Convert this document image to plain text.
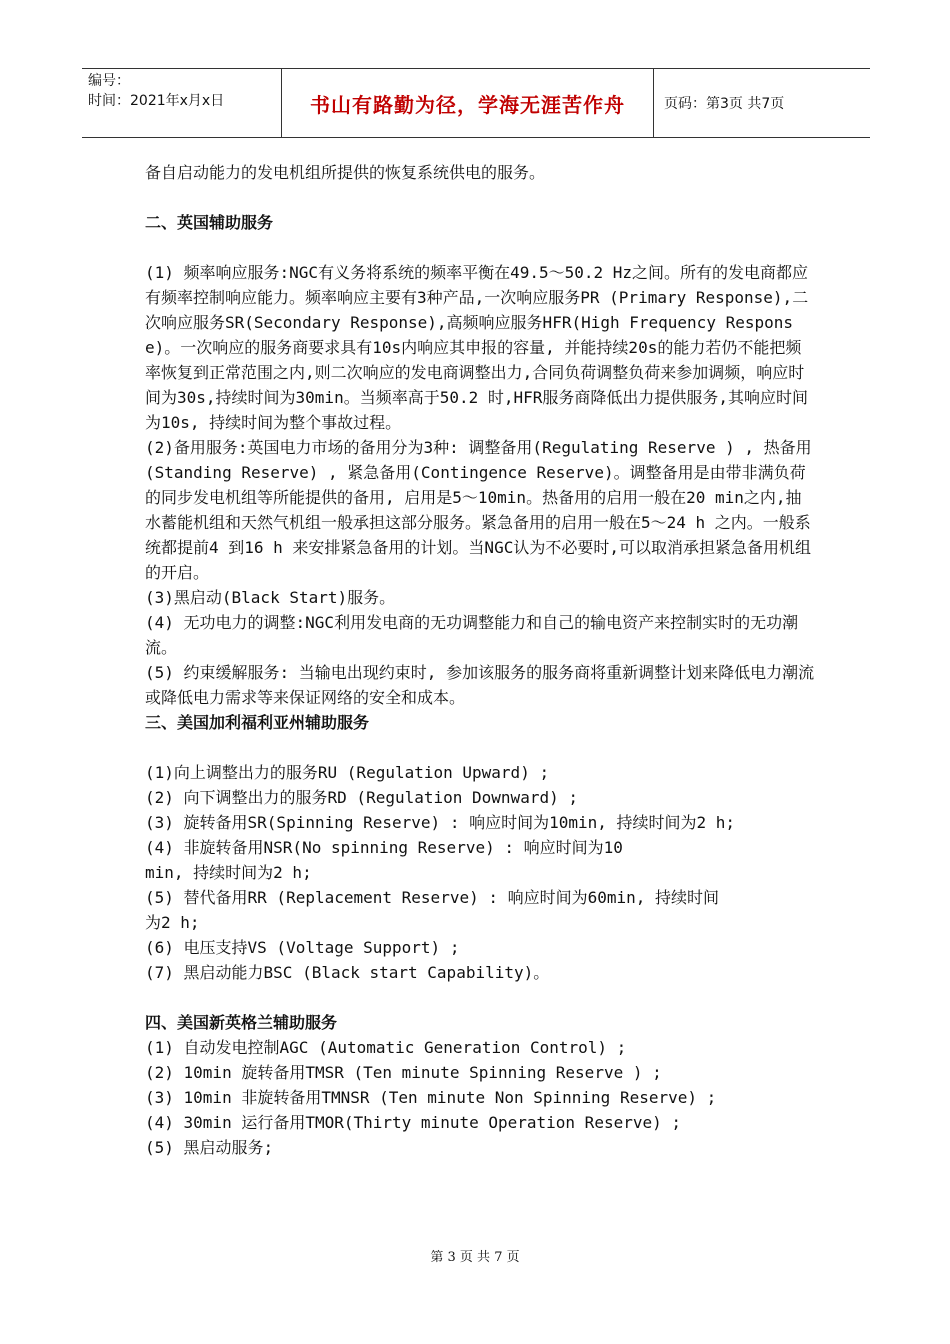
编号：
时间：2021年x月x日	书山有路勤为径，学海无涯苦作舟	页码：第3页 共7页

备自启动能力的发电机组所提供的恢复系统供电的服务。

二、英国辅助服务

(1) 频率响应服务:NGC有义务将系统的频率平衡在49.5～50.2 Hz之间。所有的发电商都应有频率控制响应能力。频率响应主要有3种产品,一次响应服务PR (Primary Response),二次响应服务SR(Secondary Response),高频响应服务HFR(High Frequency Response)。一次响应的服务商要求具有10s内响应其申报的容量, 并能持续20s的能力若仍不能把频率恢复到正常范围之内,则二次响应的发电商调整出力,合同负荷调整负荷来参加调频，响应时间为30s,持续时间为30min。当频率高于50.2 时,HFR服务商降低出力提供服务,其响应时间为10s, 持续时间为整个事故过程。

(2)备用服务:英国电力市场的备用分为3种: 调整备用(Regulating Reserve ) , 热备用(Standing Reserve) , 紧急备用(Contingence Reserve)。调整备用是由带非满负荷的同步发电机组等所能提供的备用, 启用是5～10min。热备用的启用一般在20 min之内,抽水蓄能机组和天然气机组一般承担这部分服务。紧急备用的启用一般在5～24 h 之内。一般系统都提前4 到16 h 来安排紧急备用的计划。当NGC认为不必要时,可以取消承担紧急备用机组的开启。

(3)黑启动(Black Start)服务。

(4) 无功电力的调整:NGC利用发电商的无功调整能力和自己的输电资产来控制实时的无功潮流。

(5) 约束缓解服务: 当输电出现约束时, 参加该服务的服务商将重新调整计划来降低电力潮流或降低电力需求等来保证网络的安全和成本。

三、美国加利福利亚州辅助服务

(1)向上调整出力的服务RU (Regulation Upward) ;

(2) 向下调整出力的服务RD (Regulation Downward) ;

(3) 旋转备用SR(Spinning Reserve) : 响应时间为10min, 持续时间为2 h;

(4) 非旋转备用NSR(No spinning Reserve) : 响应时间为10
min, 持续时间为2 h;

(5) 替代备用RR (Replacement Reserve) : 响应时间为60min, 持续时间
为2 h;

(6) 电压支持VS (Voltage Support) ;

(7) 黑启动能力BSC (Black start Capability)。

四、美国新英格兰辅助服务

(1) 自动发电控制AGC (Automatic Generation Control) ;

(2) 10min 旋转备用TMSR (Ten minute Spinning Reserve ) ;

(3) 10min 非旋转备用TMNSR (Ten minute Non Spinning Reserve) ;

(4) 30min 运行备用TMOR(Thirty minute Operation Reserve) ;

(5) 黑启动服务;

第 3 页 共 7 页
